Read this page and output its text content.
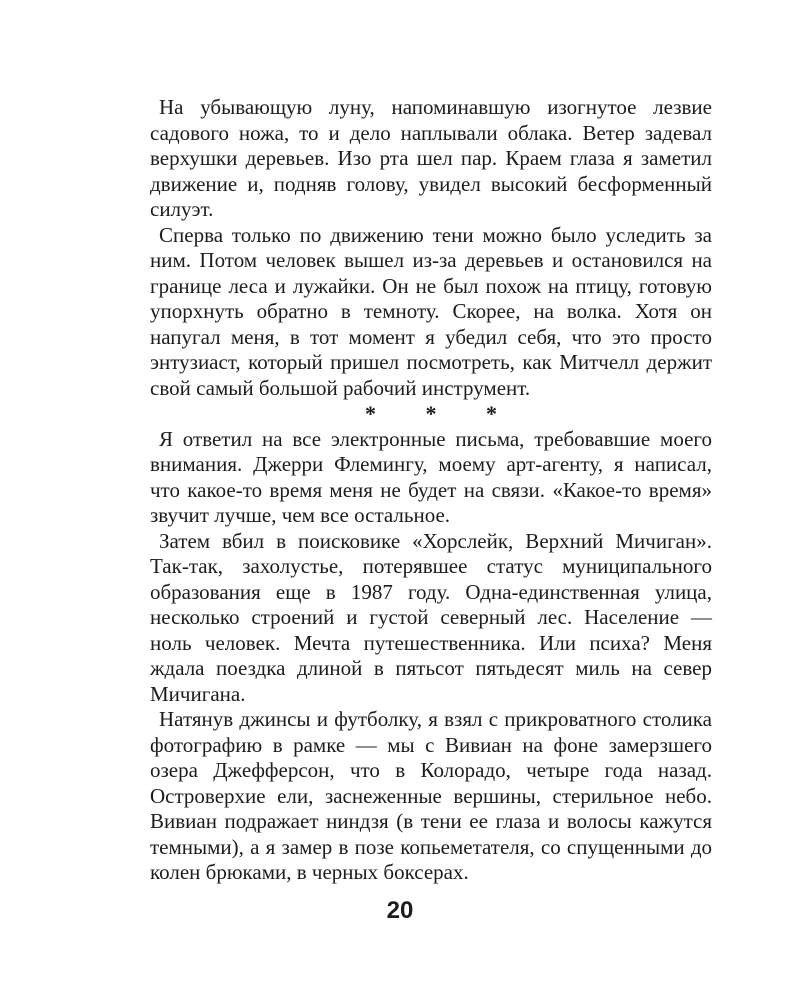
На убывающую луну, напоминавшую изогнутое лезвие садового ножа, то и дело наплывали облака. Ветер задевал верхушки деревьев. Изо рта шел пар. Краем глаза я заметил движение и, подняв голову, увидел высокий бесформенный силуэт.

Сперва только по движению тени можно было уследить за ним. Потом человек вышел из-за деревьев и остановился на границе леса и лужайки. Он не был похож на птицу, готовую упорхнуть обратно в темноту. Скорее, на волка. Хотя он напугал меня, в тот момент я убедил себя, что это просто энтузиаст, который пришел посмотреть, как Митчелл держит свой самый большой рабочий инструмент.

* * *

Я ответил на все электронные письма, требовавшие моего внимания. Джерри Флемингу, моему арт-агенту, я написал, что какое-то время меня не будет на связи. «Какое-то время» звучит лучше, чем все остальное.

Затем вбил в поисковике «Хорслейк, Верхний Мичиган». Так-так, захолустье, потерявшее статус муниципального образования еще в 1987 году. Одна-единственная улица, несколько строений и густой северный лес. Население — ноль человек. Мечта путешественника. Или психа? Меня ждала поездка длиной в пятьсот пятьдесят миль на север Мичигана.

Натянув джинсы и футболку, я взял с прикроватного столика фотографию в рамке — мы с Вивиан на фоне замерзшего озера Джефферсон, что в Колорадо, четыре года назад. Островерхие ели, заснеженные вершины, стерильное небо. Вивиан подражает ниндзя (в тени ее глаза и волосы кажутся темными), а я замер в позе копьеметателя, со спущенными до колен брюками, в черных боксерах.

20
